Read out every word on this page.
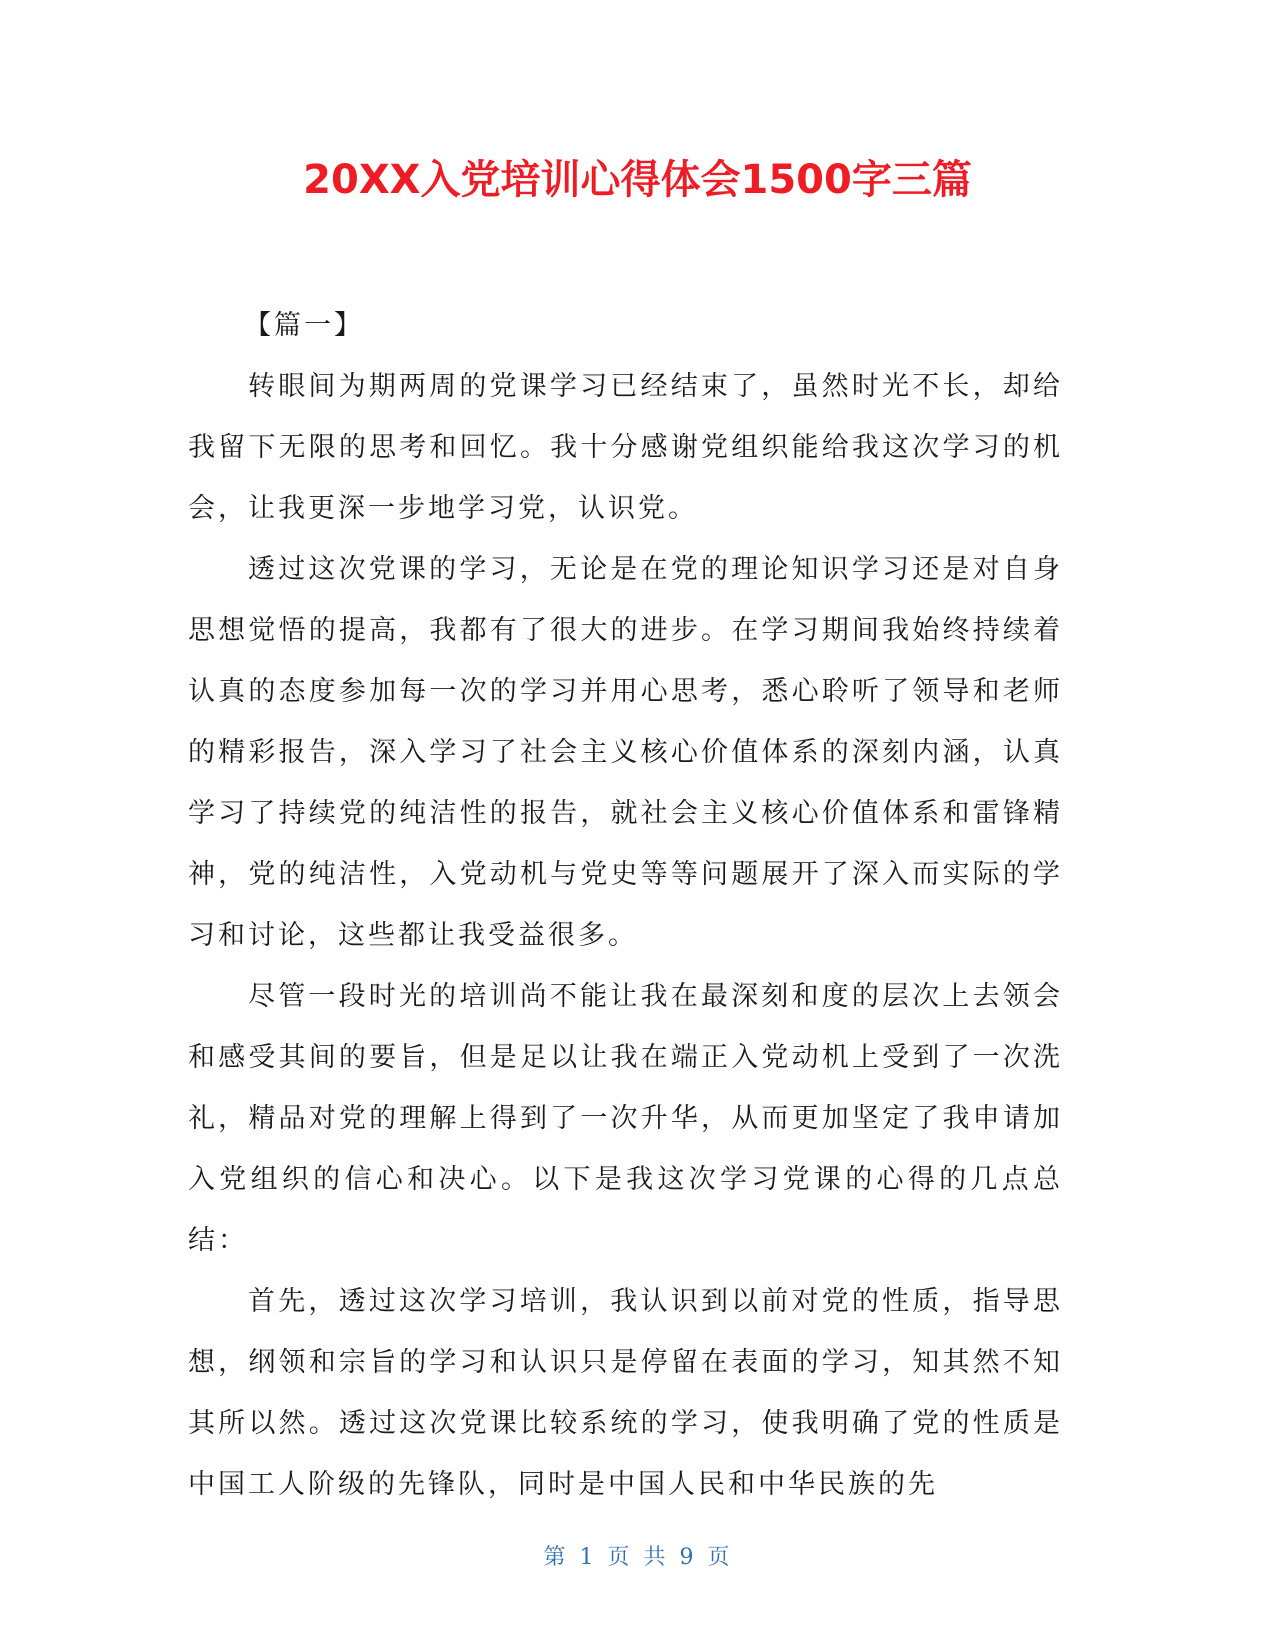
20XX入党培训心得体会1500字三篇

【篇一】

转眼间为期两周的党课学习已经结束了，虽然时光不长，却给我留下无限的思考和回忆。我十分感谢党组织能给我这次学习的机会，让我更深一步地学习党，认识党。

透过这次党课的学习，无论是在党的理论知识学习还是对自身思想觉悟的提高，我都有了很大的进步。在学习期间我始终持续着认真的态度参加每一次的学习并用心思考，悉心聆听了领导和老师的精彩报告，深入学习了社会主义核心价值体系的深刻内涵，认真学习了持续党的纯洁性的报告，就社会主义核心价值体系和雷锋精神，党的纯洁性，入党动机与党史等等问题展开了深入而实际的学习和讨论，这些都让我受益很多。

尽管一段时光的培训尚不能让我在最深刻和度的层次上去领会和感受其间的要旨，但是足以让我在端正入党动机上受到了一次洗礼，精品对党的理解上得到了一次升华，从而更加坚定了我申请加入党组织的信心和决心。以下是我这次学习党课的心得的几点总结：

首先，透过这次学习培训，我认识到以前对党的性质，指导思想，纲领和宗旨的学习和认识只是停留在表面的学习，知其然不知其所以然。透过这次党课比较系统的学习，使我明确了党的性质是中国工人阶级的先锋队，同时是中国人民和中华民族的先

第 1 页 共 9 页
